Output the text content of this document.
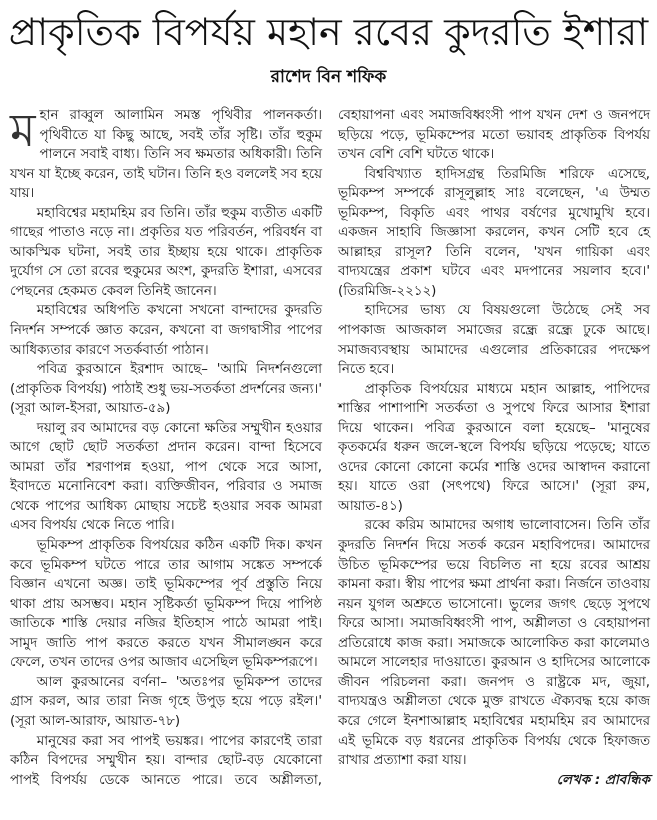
প্রাকৃতিক বিপর্যয় মহান রবের কুদরতি ইশারা
রাশেদ বিন শফিক

মহান রাব্বুল আলামিন সমস্ত পৃথিবীর পালনকর্তা। পৃথিবীতে যা কিছু আছে, সবই তাঁর সৃষ্টি। তাঁর হুকুম পালনে সবাই বাধ্য। তিনি সব ক্ষমতার অধিকারী। তিনি যখন যা ইচ্ছে করেন, তাই ঘটান। তিনি হও বললেই সব হয়ে যায়।

মহাবিশ্বের মহামহিম রব তিনি। তাঁর হুকুম ব্যতীত একটি গাছের পাতাও নড়ে না। প্রকৃতির যত পরিবর্তন, পরিবর্ধন বা আকস্মিক ঘটনা, সবই তার ইচ্ছায় হয়ে থাকে। প্রাকৃতিক দুর্যোগ সে তো রবের হুকুমের অংশ, কুদরতি ইশারা, এসবের পেছনের হেকমত কেবল তিনিই জানেন।

মহাবিশ্বের অধিপতি কখনো সখনো বান্দাদের কুদরতি নিদর্শন সম্পর্কে জ্ঞাত করেন, কখনো বা জগদ্বাসীর পাপের আধিক্যতার কারণে সতর্কবার্তা পাঠান।

পবিত্র কুরআনে ইরশাদ আছে– 'আমি নিদর্শনগুলো (প্রাকৃতিক বিপর্যয়) পাঠাই শুধু ভয়-সতর্কতা প্রদর্শনের জন্য।' (সূরা আল-ইসরা, আয়াত-৫৯)

দয়ালু রব আমাদের বড় কোনো ক্ষতির সম্মুখীন হওয়ার আগে ছোট ছোট সতর্কতা প্রদান করেন। বান্দা হিসেবে আমরা তাঁর শরণাপন্ন হওয়া, পাপ থেকে সরে আসা, ইবাদতে মনোনিবেশ করা। ব্যক্তিজীবন, পরিবার ও সমাজ থেকে পাপের আধিক্য মোছায় সচেষ্ট হওয়ার সবক আমরা এসব বিপর্যয় থেকে নিতে পারি।

ভূমিকম্প প্রাকৃতিক বিপর্যয়ের কঠিন একটি দিক। কখন কবে ভূমিকম্প ঘটতে পারে তার আগাম সঙ্কেত সম্পর্কে বিজ্ঞান এখনো অজ্ঞ। তাই ভূমিকম্পের পূর্ব প্রস্তুতি নিয়ে থাকা প্রায় অসম্ভব। মহান সৃষ্টিকর্তা ভূমিকম্প দিয়ে পাপিষ্ঠ জাতিকে শাস্তি দেয়ার নজির ইতিহাস পাঠে আমরা পাই। সামুদ জাতি পাপ করতে করতে যখন সীমালঙ্ঘন করে ফেলে, তখন তাদের ওপর আজাব এসেছিল ভূমিকম্পরূপে।

আল কুরআনের বর্ণনা– 'অতঃপর ভূমিকম্প তাদের গ্রাস করল, আর তারা নিজ গৃহে উপুড় হয়ে পড়ে রইল।' (সূরা আল-আরাফ, আয়াত-৭৮)

মানুষের করা সব পাপই ভয়ঙ্কর। পাপের কারণেই তারা কঠিন বিপদের সম্মুখীন হয়। বান্দার ছোট-বড় যেকোনো পাপই বিপর্যয় ডেকে আনতে পারে। তবে অশ্লীলতা, বেহায়াপনা এবং সমাজবিধ্বংসী পাপ যখন দেশ ও জনপদে ছড়িয়ে পড়ে, ভূমিকম্পের মতো ভয়াবহ প্রাকৃতিক বিপর্যয় তখন বেশি বেশি ঘটতে থাকে।

বিশ্ববিখ্যাত হাদিসগ্রন্থ তিরমিজি শরিফে এসেছে, ভূমিকম্প সম্পর্কে রাসূলুল্লাহ সাঃ বলেছেন, 'এ উম্মত ভূমিকম্প, বিকৃতি এবং পাথর বর্ষণের মুখোমুখি হবে। একজন সাহাবি জিজ্ঞাসা করলেন, কখন সেটি হবে হে আল্লাহর রাসূল? তিনি বলেন, 'যখন গায়িকা এবং বাদ্যযন্ত্রের প্রকাশ ঘটবে এবং মদপানের সয়লাব হবে।' (তিরমিজি-২২১২)

হাদিসের ভাষ্য যে বিষয়গুলো উঠেছে সেই সব পাপকাজ আজকাল সমাজের রন্ধ্রে রন্ধ্রে ঢুকে আছে। সমাজব্যবস্থায় আমাদের এগুলোর প্রতিকারের পদক্ষেপ নিতে হবে।

প্রাকৃতিক বিপর্যয়ের মাধ্যমে মহান আল্লাহ, পাপিদের শাস্তির পাশাপাশি সতর্কতা ও সুপথে ফিরে আসার ইশারা দিয়ে থাকেন। পবিত্র কুরআনে বলা হয়েছে– 'মানুষের কৃতকর্মের ধরুন জলে-স্থলে বিপর্যয় ছড়িয়ে পড়েছে; যাতে ওদের কোনো কোনো কর্মের শাস্তি ওদের আস্বাদন করানো হয়। যাতে ওরা (সৎপথে) ফিরে আসে।' (সূরা রুম, আয়াত-৪১)

রব্বে করিম আমাদের অগাধ ভালোবাসেন। তিনি তাঁর কুদরতি নিদর্শন দিয়ে সতর্ক করেন মহাবিপদের। আমাদের উচিত ভূমিকম্পের ভয়ে বিচলিত না হয়ে রবের আশ্রয় কামনা করা। স্বীয় পাপের ক্ষমা প্রার্থনা করা। নির্জনে তাওবায় নয়ন যুগল অশ্রুতে ভাসোনো। ভুলের জগৎ ছেড়ে সুপথে ফিরে আসা। সমাজবিধ্বংসী পাপ, অশ্লীলতা ও বেহায়াপনা প্রতিরোধে কাজ করা। সমাজকে আলোকিত করা কালেমাও আমলে সালেহার দাওয়াতে। কুরআন ও হাদিসের আলোকে জীবন পরিচলনা করা। জনপদ ও রাষ্ট্রকে মদ, জুয়া, বাদ্যযন্ত্রও অশ্লীলতা থেকে মুক্ত রাখতে ঐক্যবদ্ধ হয়ে কাজ করে গেলে ইনশাআল্লাহ মহাবিশ্বের মহামহিম রব আমাদের এই ভূমিকে বড় ধরনের প্রাকৃতিক বিপর্যয় থেকে হিফাজত রাখার প্রত্যাশা করা যায়।

লেখক : প্রাবন্ধিক
